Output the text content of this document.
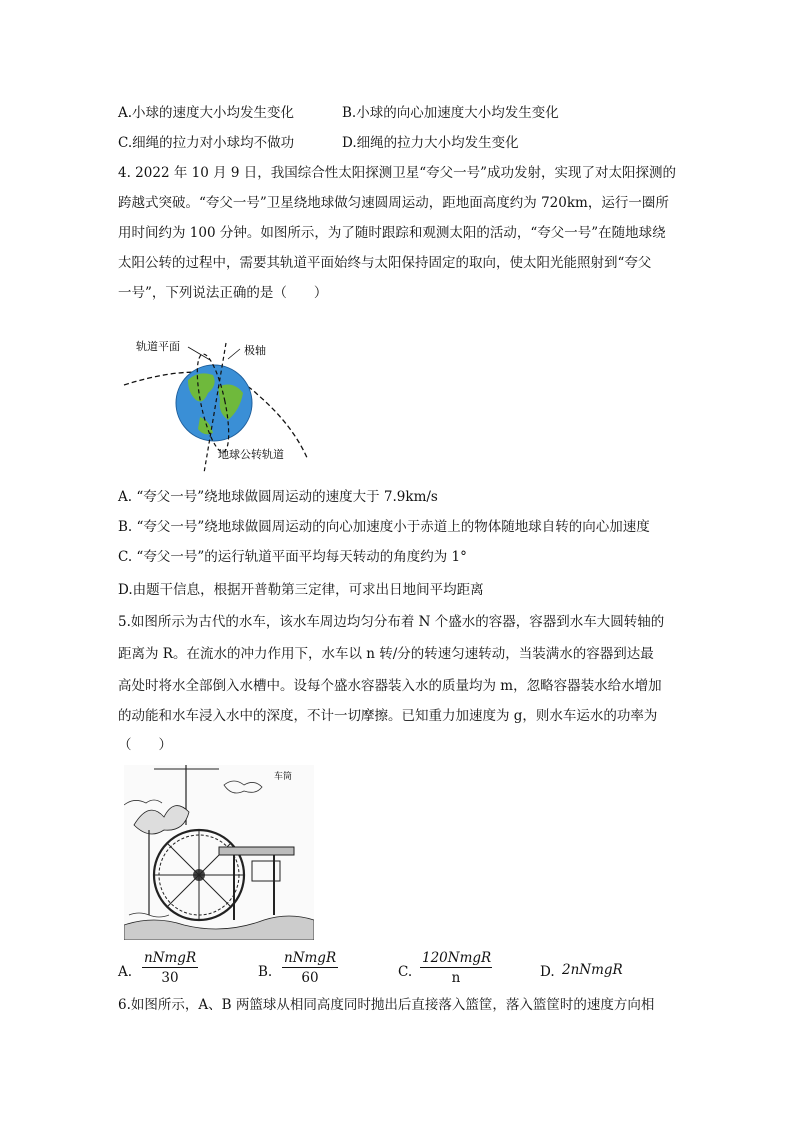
A.小球的速度大小均发生变化	B.小球的向心加速度大小均发生变化
C.细绳的拉力对小球均不做功	D.细绳的拉力大小均发生变化
4. 2022 年 10 月 9 日，我国综合性太阳探测卫星“夸父一号”成功发射，实现了对太阳探测的
跨越式突破。“夸父一号”卫星绕地球做匀速圆周运动，距地面高度约为 720km，运行一圈所
用时间约为 100 分钟。如图所示，为了随时跟踪和观测太阳的活动，“夸父一号”在随地球绕
太阳公转的过程中，需要其轨道平面始终与太阳保持固定的取向，使太阳光能照射到“夸父
一号”，下列说法正确的是（　　）
轨道平面	极轴
地球公转轨道
A. “夸父一号”绕地球做圆周运动的速度大于 7.9km/s
B. “夸父一号”绕地球做圆周运动的向心加速度小于赤道上的物体随地球自转的向心加速度
C. “夸父一号”的运行轨道平面平均每天转动的角度约为 1°
D.由题干信息，根据开普勒第三定律，可求出日地间平均距离
5.如图所示为古代的水车，该水车周边均匀分布着 N 个盛水的容器，容器到水车大圆转轴的
距离为 R。在流水的冲力作用下，水车以 n 转/分的转速匀速转动，当装满水的容器到达最
高处时将水全部倒入水槽中。设每个盛水容器装入水的质量均为 m，忽略容器装水给水增加
的动能和水车浸入水中的深度，不计一切摩擦。已知重力加速度为 g，则水车运水的功率为
（　　）
车筒
A.
nNmgR
30	B.
nNmgR
60	C.
120NmgR
n	D. 2nNmgR
6.如图所示，A、B 两篮球从相同高度同时抛出后直接落入篮筐，落入篮筐时的速度方向相
